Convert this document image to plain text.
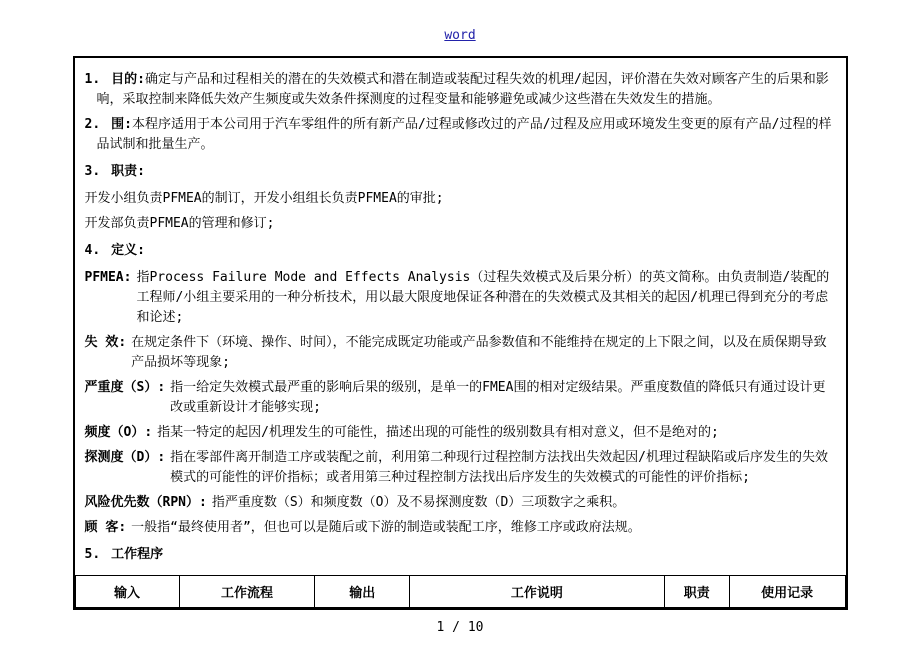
word

1. 目的:确定与产品和过程相关的潜在的失效模式和潜在制造或装配过程失效的机理/起因，评价潜在失效对顾客产生的后果和影响，采取控制来降低失效产生频度或失效条件探测度的过程变量和能够避免或减少这些潜在失效发生的措施。

2. 围:本程序适用于本公司用于汽车零组件的所有新产品/过程或修改过的产品/过程及应用或环境发生变更的原有产品/过程的样品试制和批量生产。

3. 职责:

开发小组负责PFMEA的制订，开发小组组长负责PFMEA的审批;

开发部负责PFMEA的管理和修订;

4. 定义:

PFMEA: 指Process Failure Mode and Effects Analysis（过程失效模式及后果分析）的英文简称。由负责制造/装配的工程师/小组主要采用的一种分析技术，用以最大限度地保证各种潜在的失效模式及其相关的起因/机理已得到充分的考虑和论述;
失 效: 在规定条件下（环境、操作、时间），不能完成既定功能或产品参数值和不能维持在规定的上下限之间，以及在质保期导致产品损坏等现象;
严重度（S）: 指一给定失效模式最严重的影响后果的级别，是单一的FMEA围的相对定级结果。严重度数值的降低只有通过设计更改或重新设计才能够实现;
频度（O）: 指某一特定的起因/机理发生的可能性，描述出现的可能性的级别数具有相对意义，但不是绝对的;
探测度（D）: 指在零部件离开制造工序或装配之前，利用第二种现行过程控制方法找出失效起因/机理过程缺陷或后序发生的失效模式的可能性的评价指标；或者用第三种过程控制方法找出后序发生的失效模式的可能性的评价指标;
风险优先数（RPN）: 指严重度数（S）和频度数（O）及不易探测度数（D）三项数字之乘积。
顾 客: 一般指“最终使用者”，但也可以是随后或下游的制造或装配工序，维修工序或政府法规。

5. 工作程序

输入	工作流程	输出	工作说明	职责	使用记录
1 / 10
